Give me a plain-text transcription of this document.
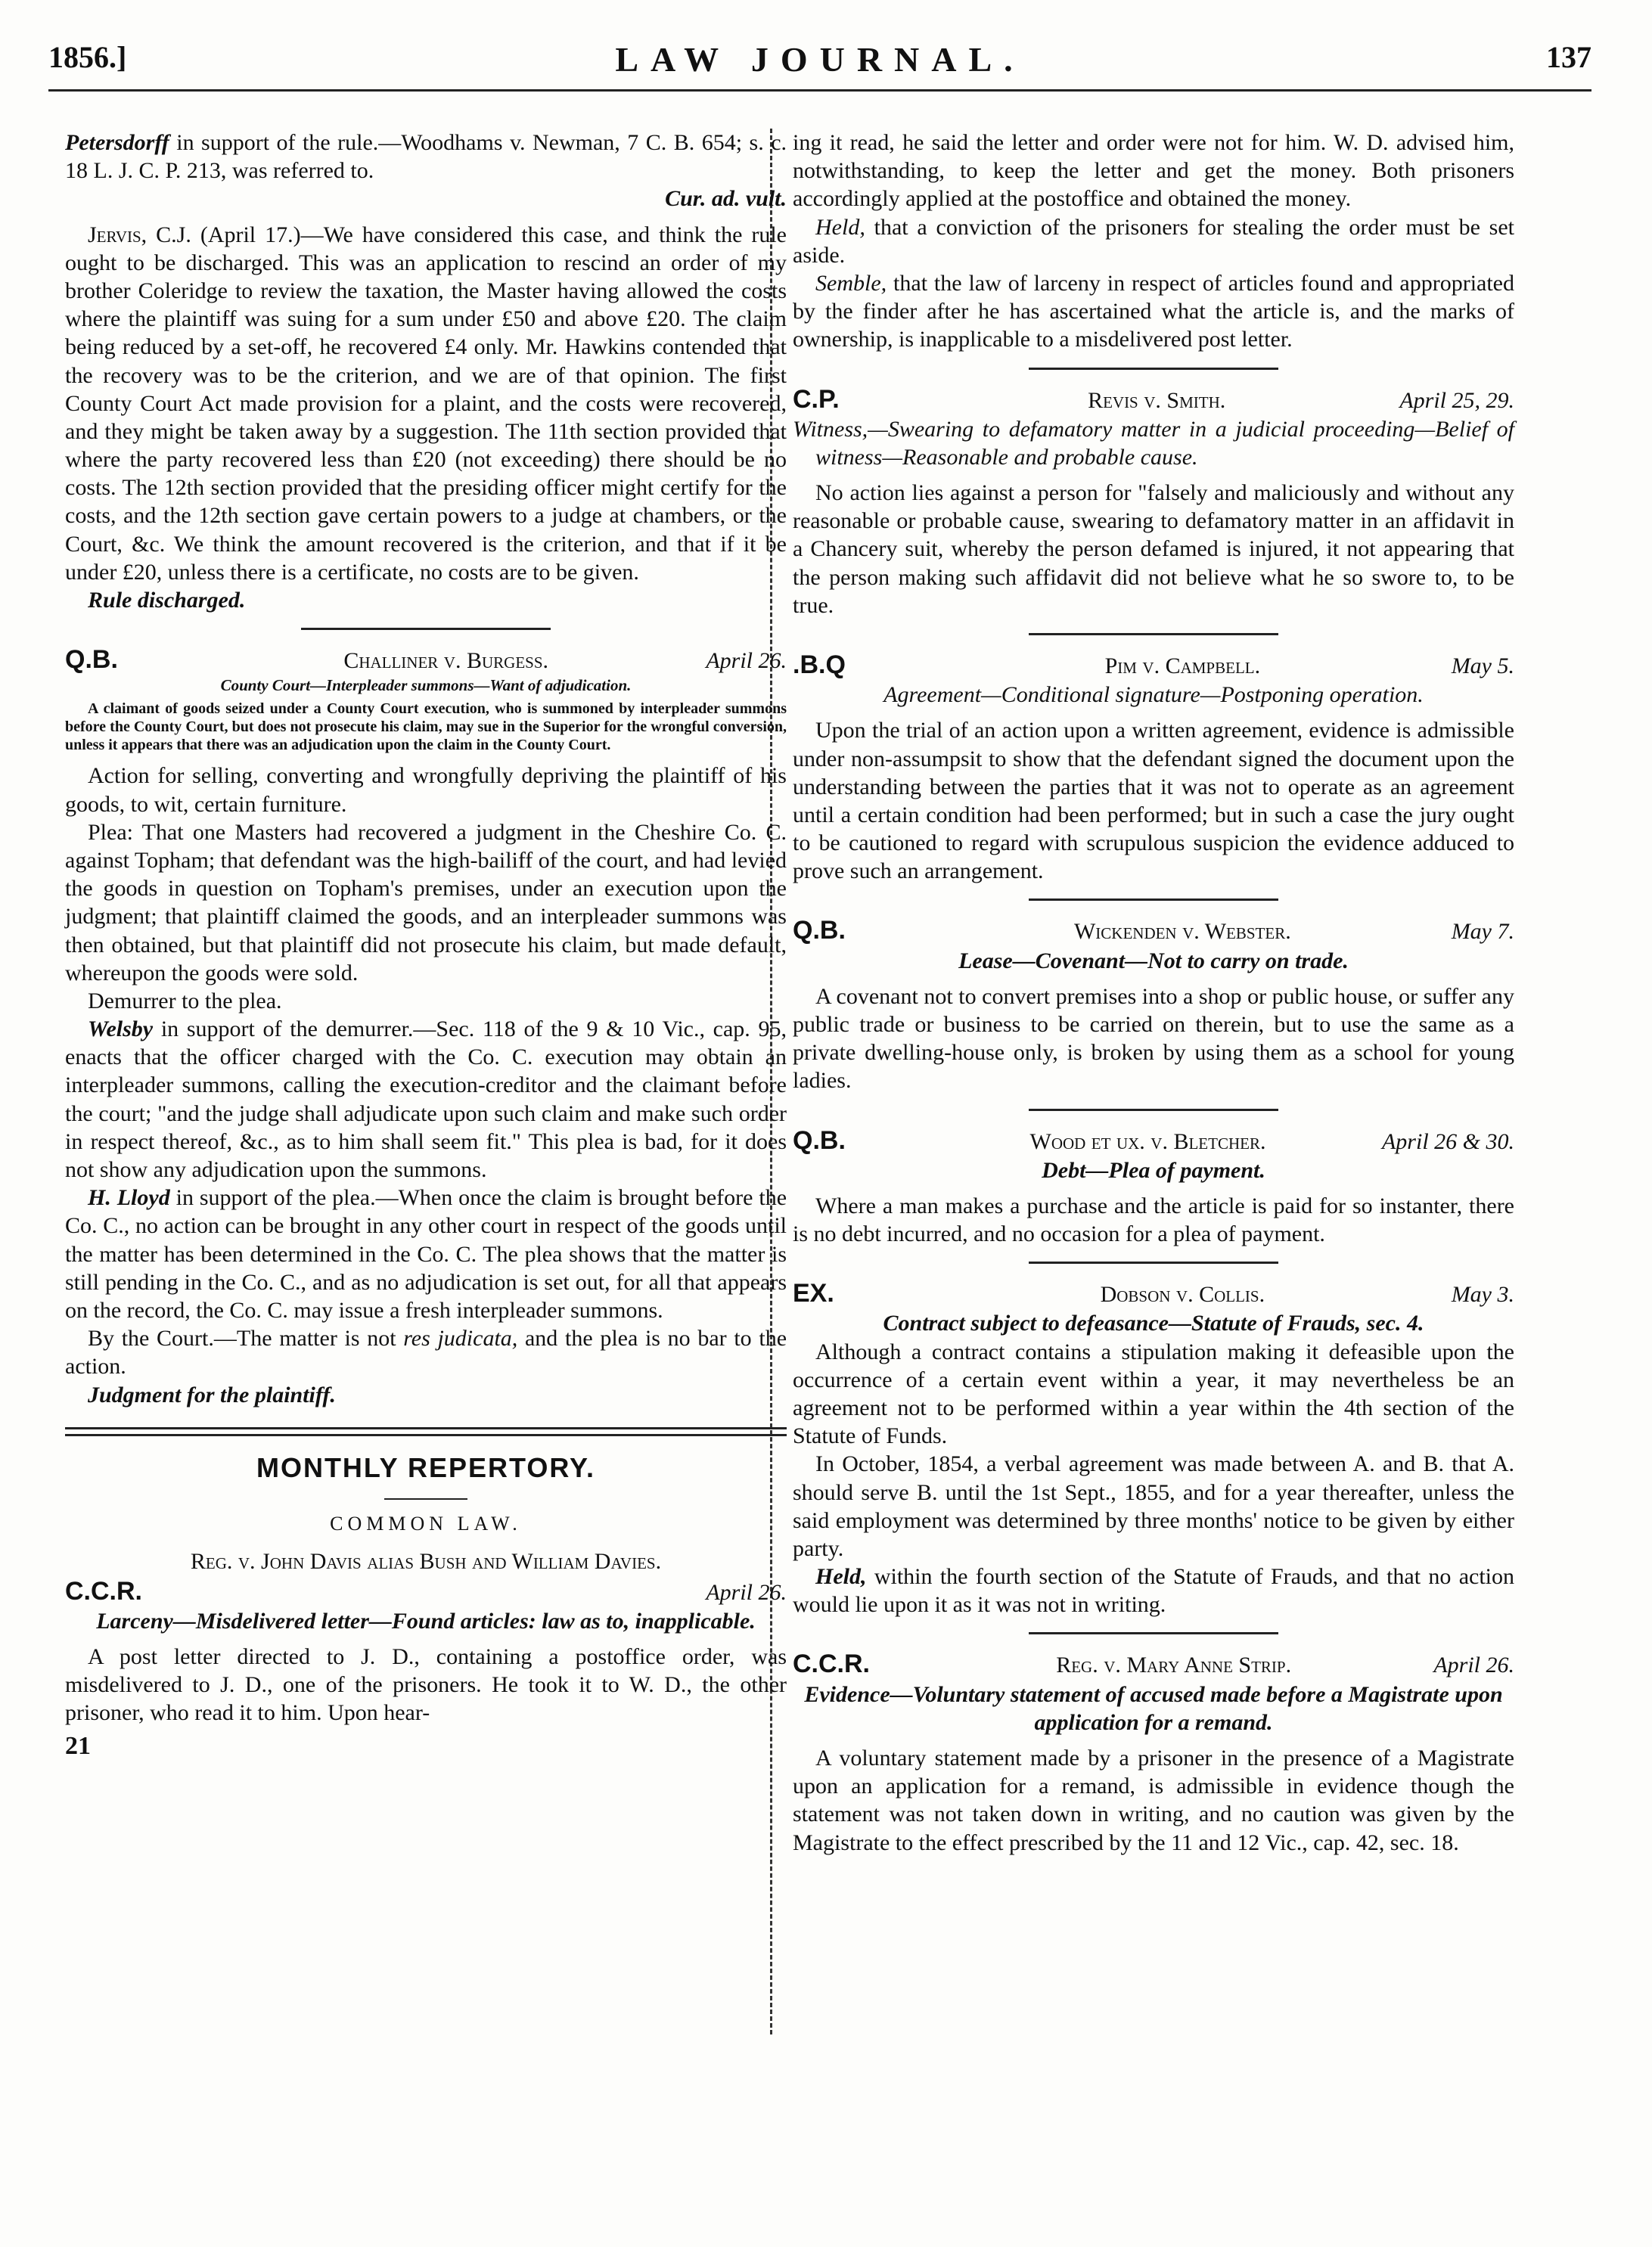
1856.]	LAW JOURNAL.	137

Petersdorff in support of the rule.—Woodhams v. Newman, 7 C. B. 654; s. c. 18 L. J. C. P. 213, was referred to.

Cur. ad. vult.

Jervis, C.J. (April 17.)—We have considered this case, and think the rule ought to be discharged. This was an application to rescind an order of my brother Coleridge to review the taxation, the Master having allowed the costs where the plaintiff was suing for a sum under £50 and above £20. The claim being reduced by a set-off, he recovered £4 only. Mr. Hawkins contended that the recovery was to be the criterion, and we are of that opinion. The first County Court Act made provision for a plaint, and the costs were recovered, and they might be taken away by a suggestion. The 11th section provided that where the party recovered less than £20 (not exceeding) there should be no costs. The 12th section provided that the presiding officer might certify for the costs, and the 12th section gave certain powers to a judge at chambers, or the Court, &c. We think the amount recovered is the criterion, and that if it be under £20, unless there is a certificate, no costs are to be given.

Rule discharged.

Q.B.	Challiner v. Burgess.	April 26.

County Court—Interpleader summons—Want of adjudication.

A claimant of goods seized under a County Court execution, who is summoned by interpleader summons before the County Court, but does not prosecute his claim, may sue in the Superior for the wrongful conversion, unless it appears that there was an adjudication upon the claim in the County Court.

Action for selling, converting and wrongfully depriving the plaintiff of his goods, to wit, certain furniture.

Plea: That one Masters had recovered a judgment in the Cheshire Co. C. against Topham; that defendant was the high-bailiff of the court, and had levied the goods in question on Topham's premises, under an execution upon the judgment; that plaintiff claimed the goods, and an interpleader summons was then obtained, but that plaintiff did not prosecute his claim, but made default, whereupon the goods were sold.

Demurrer to the plea.

Welsby in support of the demurrer.—Sec. 118 of the 9 & 10 Vic., cap. 95, enacts that the officer charged with the Co. C. execution may obtain an interpleader summons, calling the execution-creditor and the claimant before the court; "and the judge shall adjudicate upon such claim and make such order in respect thereof, &c., as to him shall seem fit." This plea is bad, for it does not show any adjudication upon the summons.

H. Lloyd in support of the plea.—When once the claim is brought before the Co. C., no action can be brought in any other court in respect of the goods until the matter has been determined in the Co. C. The plea shows that the matter is still pending in the Co. C., and as no adjudication is set out, for all that appears on the record, the Co. C. may issue a fresh interpleader summons.

By the Court.—The matter is not res judicata, and the plea is no bar to the action.

Judgment for the plaintiff.

MONTHLY REPERTORY.
COMMON LAW.
Reg. v. John Davis alias Bush and William Davies.
C.C.R.	April 26.

Larceny—Misdelivered letter—Found articles: law as to, inapplicable.

A post letter directed to J. D., containing a postoffice order, was misdelivered to J. D., one of the prisoners. He took it to W. D., the other prisoner, who read it to him. Upon hear-

21

ing it read, he said the letter and order were not for him. W. D. advised him, notwithstanding, to keep the letter and get the money. Both prisoners accordingly applied at the postoffice and obtained the money.

Held, that a conviction of the prisoners for stealing the order must be set aside.

Semble, that the law of larceny in respect of articles found and appropriated by the finder after he has ascertained what the article is, and the marks of ownership, is inapplicable to a misdelivered post letter.

C.P.	Revis v. Smith.	April 25, 29.

Witness,—Swearing to defamatory matter in a judicial proceeding—Belief of witness—Reasonable and probable cause.

No action lies against a person for "falsely and maliciously and without any reasonable or probable cause, swearing to defamatory matter in an affidavit in a Chancery suit, whereby the person defamed is injured, it not appearing that the person making such affidavit did not believe what he so swore to, to be true.

.B.Q	Pim v. Campbell.	May 5.

Agreement—Conditional signature—Postponing operation.

Upon the trial of an action upon a written agreement, evidence is admissible under non-assumpsit to show that the defendant signed the document upon the understanding between the parties that it was not to operate as an agreement until a certain condition had been performed; but in such a case the jury ought to be cautioned to regard with scrupulous suspicion the evidence adduced to prove such an arrangement.

Q.B.	Wickenden v. Webster.	May 7.

Lease—Covenant—Not to carry on trade.

A covenant not to convert premises into a shop or public house, or suffer any public trade or business to be carried on therein, but to use the same as a private dwelling-house only, is broken by using them as a school for young ladies.

Q.B.	Wood et ux. v. Bletcher.	April 26 & 30.

Debt—Plea of payment.

Where a man makes a purchase and the article is paid for so instanter, there is no debt incurred, and no occasion for a plea of payment.

EX.	Dobson v. Collis.	May 3.

Contract subject to defeasance—Statute of Frauds, sec. 4.

Although a contract contains a stipulation making it defeasible upon the occurrence of a certain event within a year, it may nevertheless be an agreement not to be performed within a year within the 4th section of the Statute of Funds.

In October, 1854, a verbal agreement was made between A. and B. that A. should serve B. until the 1st Sept., 1855, and for a year thereafter, unless the said employment was determined by three months' notice to be given by either party.

Held, within the fourth section of the Statute of Frauds, and that no action would lie upon it as it was not in writing.

C.C.R.	Reg. v. Mary Anne Strip.	April 26.

Evidence—Voluntary statement of accused made before a Magistrate upon application for a remand.

A voluntary statement made by a prisoner in the presence of a Magistrate upon an application for a remand, is admissible in evidence though the statement was not taken down in writing, and no caution was given by the Magistrate to the effect prescribed by the 11 and 12 Vic., cap. 42, sec. 18.
